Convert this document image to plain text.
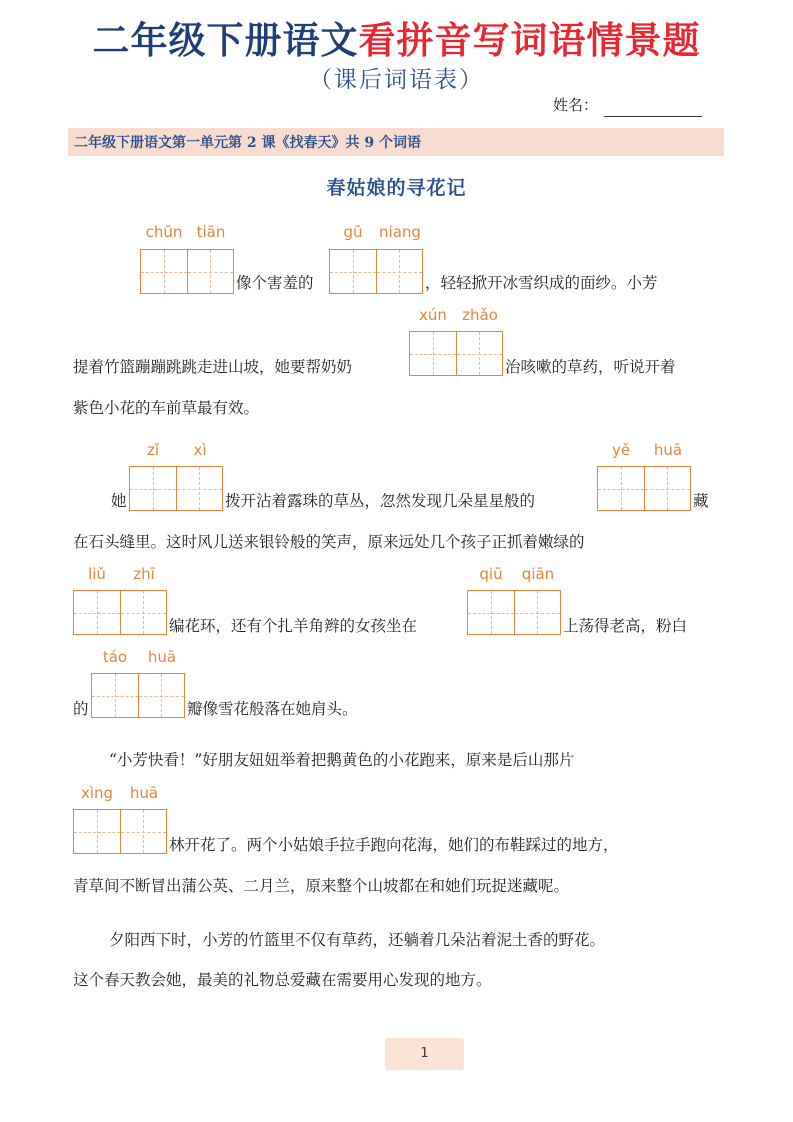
二年级下册语文看拼音写词语情景题
（课后词语表）
姓名：
二年级下册语文第一单元第 2 课《找春天》共 9 个词语
春姑娘的寻花记
chūn tiān
像个害羞的
gū	niang
，轻轻掀开冰雪织成的面纱。小芳
xún	zhǎo
提着竹篮蹦蹦跳跳走进山坡，她要帮奶奶	治咳嗽的草药，听说开着
紫色小花的车前草最有效。
zǐ	xì
她	拨开沾着露珠的草丛，忽然发现几朵星星般的
yě	huā
藏
在石头缝里。这时风儿送来银铃般的笑声，原来远处几个孩子正抓着嫩绿的
liǔ	zhī
编花环，还有个扎羊角辫的女孩坐在
qiū	qiān
上荡得老高，粉白
táo	huā
的	瓣像雪花般落在她肩头。
“小芳快看！”好朋友妞妞举着把鹅黄色的小花跑来，原来是后山那片
xìng	huā
林开花了。两个小姑娘手拉手跑向花海，她们的布鞋踩过的地方，
青草间不断冒出蒲公英、二月兰，原来整个山坡都在和她们玩捉迷藏呢。
夕阳西下时，小芳的竹篮里不仅有草药，还躺着几朵沾着泥土香的野花。
这个春天教会她，最美的礼物总爱藏在需要用心发现的地方。
1
